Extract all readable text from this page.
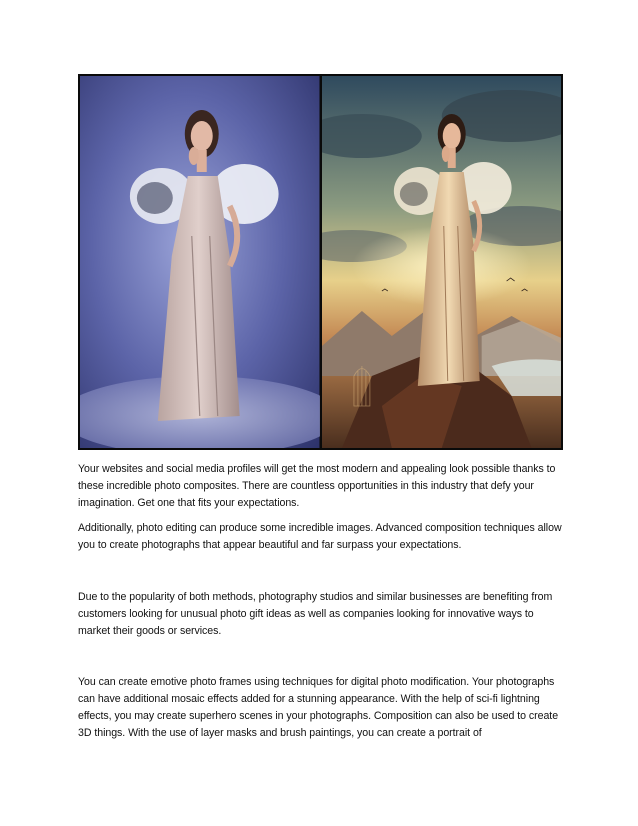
Your websites and social media profiles will get the most modern and appealing look possible thanks to these incredible photo composites. There are countless opportunities in this industry that defy your imagination. Get one that fits your expectations.

Additionally, photo editing can produce some incredible images. Advanced composition techniques allow you to create photographs that appear beautiful and far surpass your expectations.

Due to the popularity of both methods, photography studios and similar businesses are benefiting from customers looking for unusual photo gift ideas as well as companies looking for innovative ways to market their goods or services.

You can create emotive photo frames using techniques for digital photo modification. Your photographs can have additional mosaic effects added for a stunning appearance. With the help of sci-fi lightning effects, you may create superhero scenes in your photographs. Composition can also be used to create 3D things. With the use of layer masks and brush paintings, you can create a portrait of
